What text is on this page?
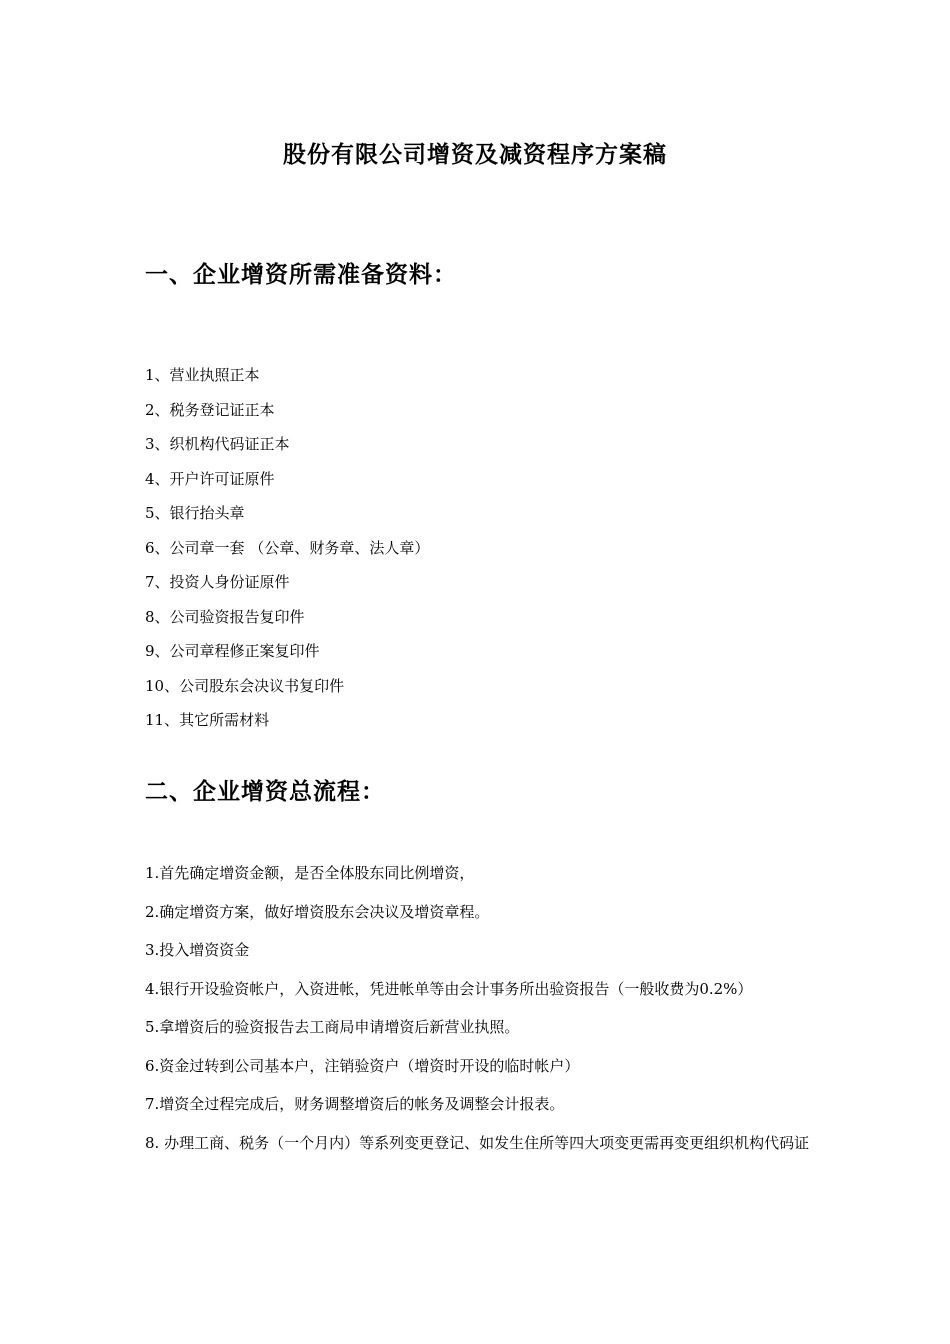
股份有限公司增资及减资程序方案稿
一、企业增资所需准备资料：
1、营业执照正本
2、税务登记证正本
3、织机构代码证正本
4、开户许可证原件
5、银行抬头章
6、公司章一套 （公章、财务章、法人章）
7、投资人身份证原件
8、公司验资报告复印件
9、公司章程修正案复印件
10、公司股东会决议书复印件
11、其它所需材料
二、企业增资总流程：
1.首先确定增资金额，是否全体股东同比例增资，
2.确定增资方案，做好增资股东会决议及增资章程。
3.投入增资资金
4.银行开设验资帐户，入资进帐，凭进帐单等由会计事务所出验资报告（一般收费为0.2%）
5.拿增资后的验资报告去工商局申请增资后新营业执照。
6.资金过转到公司基本户，注销验资户（增资时开设的临时帐户）
7.增资全过程完成后，财务调整增资后的帐务及调整会计报表。
8. 办理工商、税务（一个月内）等系列变更登记、如发生住所等四大项变更需再变更组织机构代码证
